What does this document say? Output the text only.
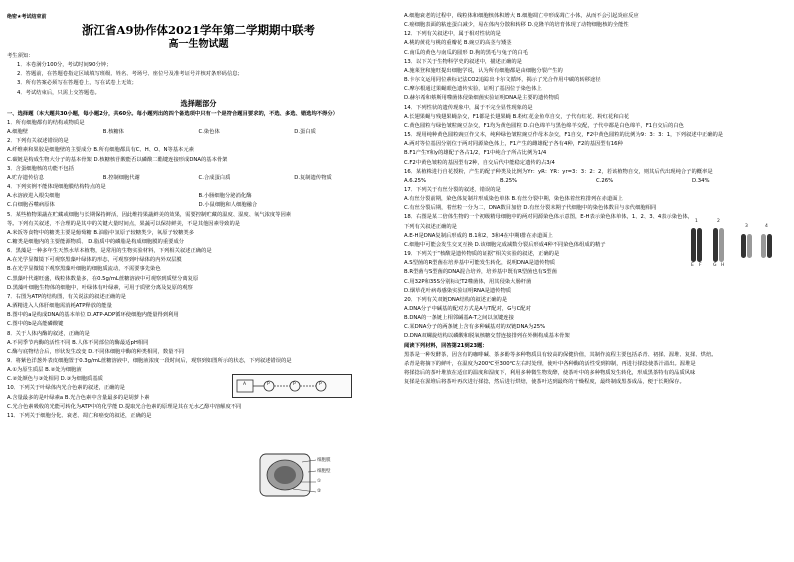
绝密★考试结束前
浙江省A9协作体2021学年第二学期期中联考
高一生物试题
考生须知：
1．本卷满分100分，考试时间90分钟；
2．答题前，在答题卷指定区域填写班级、姓名、考场号、座位号及准考证号并核对条形码信息；
3．所有答案必须写在答题卷上，写在试卷上无效；
4．考试结束后，只需上交答题卷。
选择题部分
一、选择题（本大题共30小题，每小题2分，共60分。每小题列出的四个备选项中只有一个是符合题目要求的，不选、多选、错选均不得分）
1．所有细胞都有的结构或物质是
A.细胞壁	B.核糖体	C.染色体	D.蛋白质
2．下列有关叙述错误的是
A.纤维素和果胶是细胞壁的主要成分 B.所有细胞都具有C、H、O、N等基本元素
C.碳链是构成生物大分子的基本骨架 D.核糖核苷酸能否以磷酸二酯键连接形成DNA的基本骨架
3．含蛋细胞核的功能不包括
A.贮存遗传信息	B.控制细胞代谢	C.合成蛋白质	D.复制遗传物质
4．下列实例不能体现细胞膜结构特点的是
A.水溶液进入根尖细胞	B.小肠细胞分泌消化酶
C.白细胞吞噬病原体	D.小鼠细胞和人细胞融合
5．某些植物果蔬在贮藏或细胞与长期保持鲜活，因此维持果蔬鲜美的效果，需要控制贮藏的温度、湿度、氧气浓度等因素
等。下列有关叙述，不合理的是其中的关键大量时间点，果蔬可以保持鲜美，不是其他因素导致的是
A.米饭等食物中的糖类主要是葡萄糖 B.油脂中氢原子较糖类少，氧原子较糖类多
C.糖类是细胞内的主要能源物质、 D.脂质中的磷脂是构成细胞膜的重要成分
6．黑藻是一种多年生天然水草本植物，是常用的生物实验材料，下列相关叙述正确的是
A.在光学显微镜下可观察黑藻叶绿体的形态，可观察到叶绿体的内外双层膜
B.在光学显微镜下观察黑藻叶细胞的细胞质流动，不需要事先染色
C.黑藻叶代谢旺盛，线粒体数量多，在0.5g/mL蔗糖溶液中可观察到质壁分离复原
D.黑藻叶细胞生物体的细胞中，叶绿体有叶绿素，可用于质壁分离及复原的观察
7．右图为ATP的结构图，有关说法的叙述正确的是
A.酒精进入人体肝细胞需消耗ATP释放的能量
B.图中的a是构成DNA的基本单位 D.ATP-ADP循环使细胞内能量得到利用
C.图中的b是高能磷酸键
8．关于人体内酶的叙述，正确的是
A.不同季节内酶的活性不同 B.人体不同部位的酶最适pH相同
C.酶与底物结合后，形状发生改变 D.不同体细胞中酶的种类相同，数量不同
9．将紫色洋葱外表皮细胞置于0.3g/mL蔗糖溶液中，细胞液浓度一段时间后，观察到如图所示的状态，下列叙述错误的是
A.①为原生质层 B.②处为细胞液
C.②处颜色与③处相同 D.③为细胞质基质
10．下列关于叶绿体内光合色素的叙述，正确的是
A.含量最多的是叶绿素a B.光合色素中含量最多的是胡萝卜素
C.光合色素吸收的光能可转化为ATP中的化学能 D.提取光合色素的原理是其在无水乙醇中溶解度不同
11．下列关于细胞分化、衰老、凋亡和癌变的叙述，正确的是
A.细胞衰老的过程中，线粒体和细胞核体积增大 B.细胞凋亡中形成凋亡小体，从而不会引起炎症反应
C.癌细胞表面的粘连蛋白减少，易在体内分散和转移 D.克隆羊的培育体现了动物细胞核的全能性
12．下列有关叙述中，属于相对性状的是
A.桃的黄花与桃的重瓣花 B.豌豆的高茎与矮茎
C.南瓜的黄色与南瓜的圆形 D.狗的黑毛与兔子的白毛
13．以下关于生物科学史的叙述中，描述正确的是
A.施莱登和施旺提出细胞学说，认为所有细胞都是由细胞分裂产生的
B.卡尔文运用同位素标记法CO2追踪出卡尔文循环，揭示了光合作用中碳的转移途径
C.摩尔根通过果蝇眼色遗传实验，证明了基因位于染色体上
D.赫尔希和蔡斯用噬菌体侵染细菌实验证明DNA是主要的遗传物质
14．下列性状的遗传现象中，属于不完全显性现象的是
A.长翅果蝇与残翅果蝇杂交，F1都是长翅果蝇 B.粉红花金鱼草自交，子代有红花、粉红花和白花
C.黄色圆粒与绿色皱粒豌豆杂交，F1均为黄色圆粒 D.白色绵羊与黑色绵羊交配，子代中都是白色绵羊，F1自交后的白色
15．现用纯种黄色圆粒豌豆作父本，纯种绿色皱粒豌豆作母本杂交，F1自交，F2中黄色圆粒的比例为9：3：3：1，下列叙述中正确的是
A.两对等位基因分别位于两对同源染色体上，F1产生的雌雄配子各有4种，F2的基因型有16种
B.F1产生Y和y的雄配子各占1/2，F1中纯合子所占比例为1/4
C.F2中黄色皱粒的基因型有2种，自交后代中能稳定遗传的占3/4
16．某植株进行自花授粉，产生的配子种类及比例为Yr：yR：YR：yr=3：3：2：2，若该植物自交，则其后代出现纯合子的概率是
A.6.25%	B.25%	C.26%	D.34%
17．下列关于有丝分裂的叙述，错误的是
A.有丝分裂前期，染色体复制并形成染色单体 B.有丝分裂中期，染色体着丝粒排列在赤道面上
C.有丝分裂后期，着丝粒一分为二，DNA数目加倍 D.有丝分裂末期子代细胞中的染色体数目与亲代细胞相同
18．右图是某二倍体生物的一个初级精母细胞中的两对同源染色体示意图，E-H表示染色体单体，1、2、3、4表示染色体，
下列有关叙述正确的是
A.E-H是DNA复制后形成的 B.1和2，3和4在中期Ⅰ排在赤道面上
C.细胞中可能会发生交叉互换 D.该细胞完成减数分裂后形成4种不同染色体组成的精子
19．下列关于“核酸是遗传物质的证据”相关实验的叙述，正确的是
A.S型菌的R型菌在培养基中可能发生转化，说明DNA是遗传物质
B.R型菌与S型菌的DNA混合培养，培养基中既有R型菌也有S型菌
C.用32P和35S分别标记T2噬菌体，用其侵染大肠杆菌
D.烟草花叶病毒感染实验证明RNA是遗传物质
20．下列有关双链DNA结构的叙述正确的是
A.DNA分子中碱基的配对方式是A与T配对，G与C配对
B.DNA的一条链上相邻碱基A-T之间以氢键连接
C.某DNA分子的两条链上含有多种碱基对的双链DNA为25%
D.DNA双螺旋结构以磷酸和脱氧核糖交替连接排列在外侧构成基本骨架
阅读下列材料，回答第21到23题：
黑茶是一种发酵茶，因含有的咖啡碱、茶多酚等多种物质具有较高的保健价值，其制作流程主要包括杀青、初揉、渥堆、复揉、烘焙。
杀青是将摘下的鲜叶，在温度为200℃至300℃左右时处理，使叶中各种酶的活性受到抑制，再进行揉捻使茶汁溢出。渥堆是
将揉捻后的茶叶堆放在适宜的温度和湿度下，利用多种微生物发酵，使茶叶中的多种物质发生转化，形成黑茶特有的品质风味
复揉是在渥堆后将茶叶再次进行揉捻，然后进行烘焙，使茶叶达到最终的干燥程度，最终制成黑茶成品，便于长期保存。
A	P	P	P
细胞膜
细胞壁
①
②
1	2
3	4
E F	G H
